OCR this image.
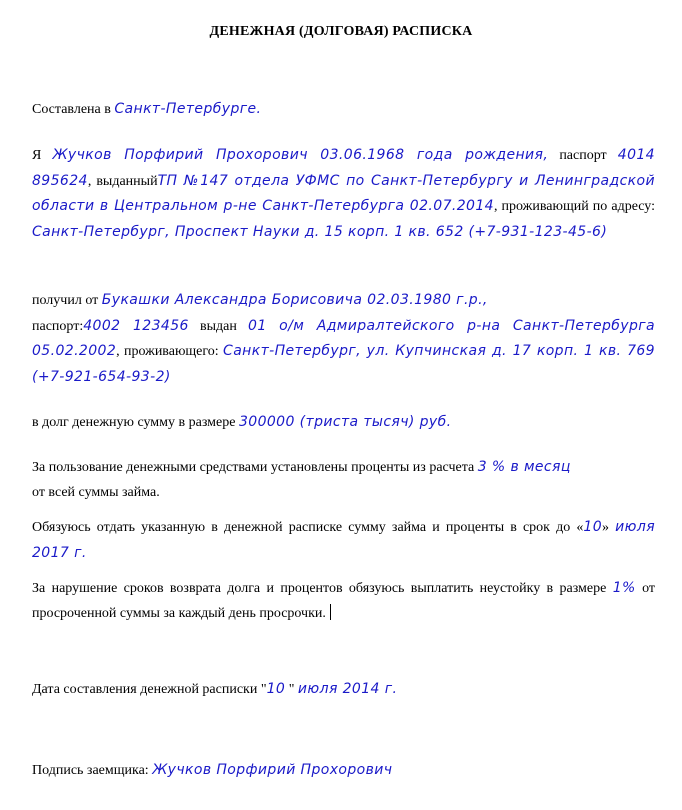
ДЕНЕЖНАЯ (ДОЛГОВАЯ) РАСПИСКА
Составлена в Санкт-Петербурге.
Я Жучков Порфирий Прохорович 03.06.1968 года рождения, паспорт 4014 895624, выданныйТП №147 отдела УФМС по Санкт-Петербургу и Ленинградской области в Центральном р-не Санкт-Петербурга 02.07.2014, проживающий по адресу: Санкт-Петербург, Проспект Науки д. 15 корп. 1 кв. 652 (+7-931-123-45-6)
получил от Букашки Александра Борисовича 02.03.1980 г.р.,
паспорт:4002 123456 выдан 01 о/м Адмиралтейского р-на Санкт-Петербурга 05.02.2002, проживающего: Санкт-Петербург, ул. Купчинская д. 17 корп. 1 кв. 769 (+7-921-654-93-2)
в долг денежную сумму в размере 300000 (триста тысяч) руб.
За пользование денежными средствами установлены проценты из расчета 3 % в месяц
от всей суммы займа.
Обязуюсь отдать указанную в денежной расписке сумму займа и проценты в срок до «10» июля 2017 г.
За нарушение сроков возврата долга и процентов обязуюсь выплатить неустойку в размере 1% от просроченной суммы за каждый день просрочки.
Дата составления денежной расписки "10 " июля 2014 г.
Подпись заемщика: Жучков Порфирий Прохорович
